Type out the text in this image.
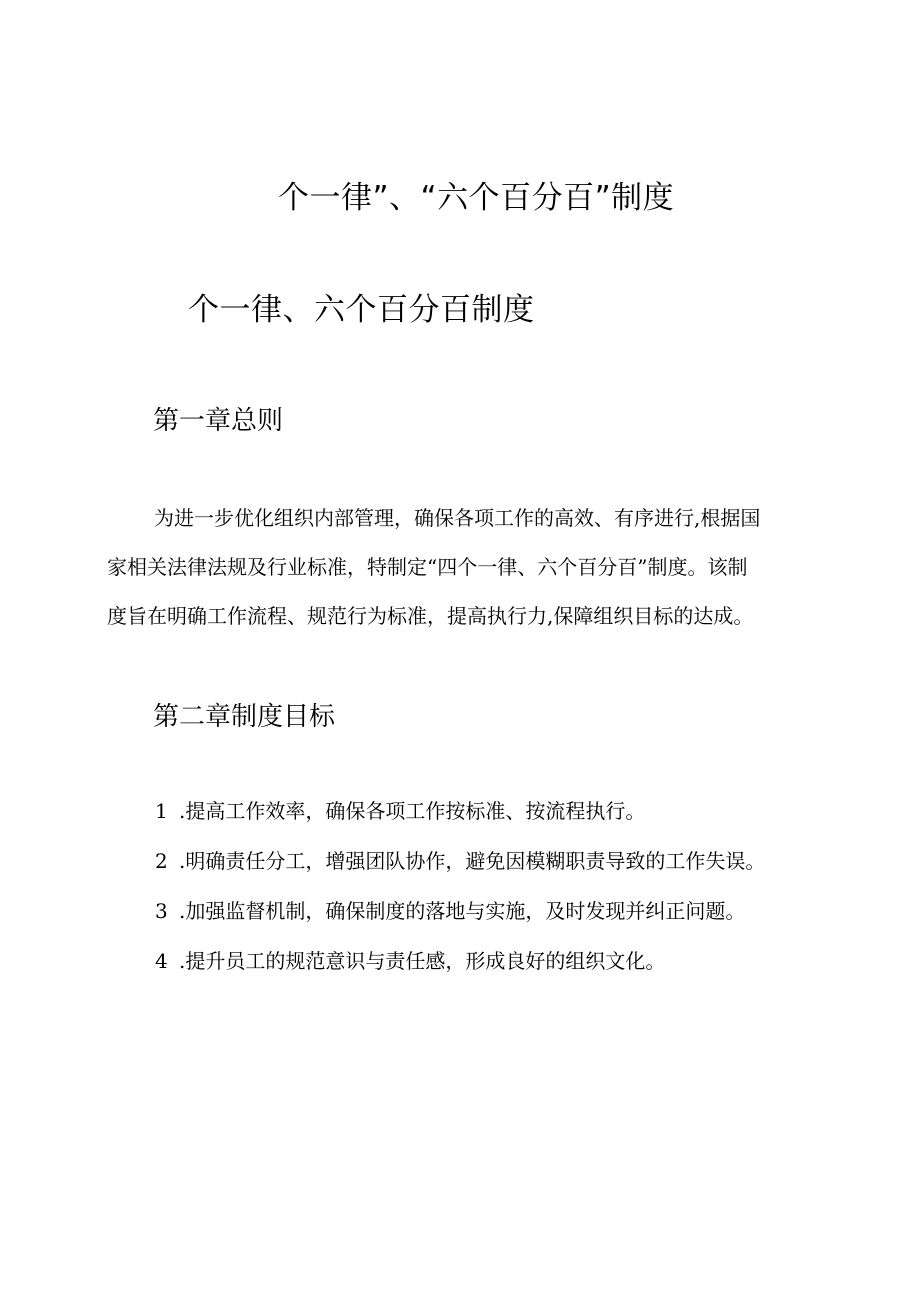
个一律”、“六个百分百”制度
个一律、六个百分百制度
第一章总则

为进一步优化组织内部管理，确保各项工作的高效、有序进行,根据国
家相关法律法规及行业标准，特制定“四个一律、六个百分百”制度。该制
度旨在明确工作流程、规范行为标准，提高执行力,保障组织目标的达成。

第二章制度目标
1 .提高工作效率，确保各项工作按标准、按流程执行。
2 .明确责任分工，增强团队协作，避免因模糊职责导致的工作失误。
3 .加强监督机制，确保制度的落地与实施，及时发现并纠正问题。
4 .提升员工的规范意识与责任感，形成良好的组织文化。
